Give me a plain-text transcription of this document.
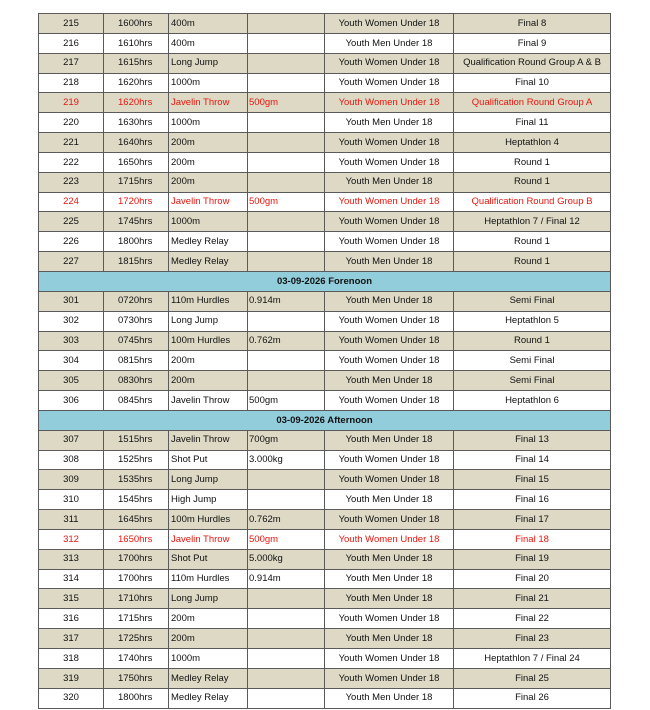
215	1600hrs	400m		Youth Women Under 18	Final 8
216	1610hrs	400m		Youth Men Under 18	Final 9
217	1615hrs	Long Jump		Youth Women Under 18	Qualification Round Group A & B
218	1620hrs	1000m		Youth Women Under 18	Final 10
219	1620hrs	Javelin Throw	500gm	Youth Women Under 18	Qualification Round Group A
220	1630hrs	1000m		Youth Men Under 18	Final 11
221	1640hrs	200m		Youth Women Under 18	Heptathlon 4
222	1650hrs	200m		Youth Women Under 18	Round 1
223	1715hrs	200m		Youth Men Under 18	Round 1
224	1720hrs	Javelin Throw	500gm	Youth Women Under 18	Qualification Round Group B
225	1745hrs	1000m		Youth Women Under 18	Heptathlon 7 / Final 12
226	1800hrs	Medley Relay		Youth Women Under 18	Round 1
227	1815hrs	Medley Relay		Youth Men Under 18	Round 1
03-09-2026 Forenoon					
301	0720hrs	110m Hurdles	0.914m	Youth Men Under 18	Semi Final
302	0730hrs	Long Jump		Youth Women Under 18	Heptathlon 5
303	0745hrs	100m Hurdles	0.762m	Youth Women Under 18	Round 1
304	0815hrs	200m		Youth Women Under 18	Semi Final
305	0830hrs	200m		Youth Men Under 18	Semi Final
306	0845hrs	Javelin Throw	500gm	Youth Women Under 18	Heptathlon 6
03-09-2026 Afternoon					
307	1515hrs	Javelin Throw	700gm	Youth Men Under 18	Final 13
308	1525hrs	Shot Put	3.000kg	Youth Women Under 18	Final 14
309	1535hrs	Long Jump		Youth Women Under 18	Final 15
310	1545hrs	High Jump		Youth Men Under 18	Final 16
311	1645hrs	100m Hurdles	0.762m	Youth Women Under 18	Final 17
312	1650hrs	Javelin Throw	500gm	Youth Women Under 18	Final 18
313	1700hrs	Shot Put	5.000kg	Youth Men Under 18	Final 19
314	1700hrs	110m Hurdles	0.914m	Youth Men Under 18	Final 20
315	1710hrs	Long Jump		Youth Men Under 18	Final 21
316	1715hrs	200m		Youth Women Under 18	Final 22
317	1725hrs	200m		Youth Men Under 18	Final 23
318	1740hrs	1000m		Youth Women Under 18	Heptathlon 7 / Final 24
319	1750hrs	Medley Relay		Youth Women Under 18	Final 25
320	1800hrs	Medley Relay		Youth Men Under 18	Final 26
